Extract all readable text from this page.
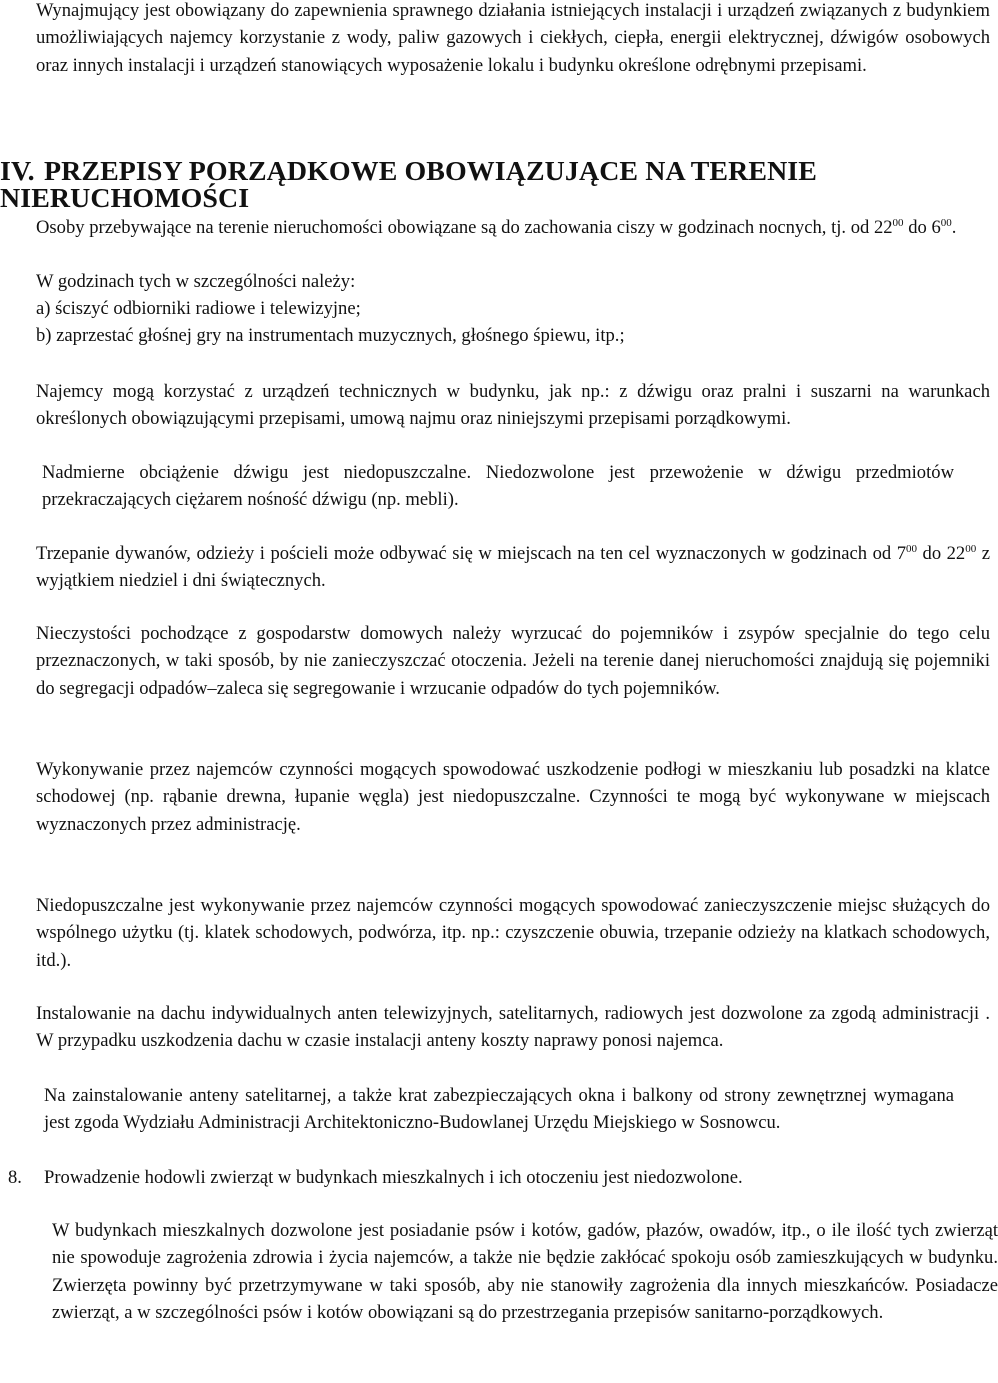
Wynajmujący jest obowiązany do zapewnienia sprawnego działania istniejących instalacji i urządzeń związanych z budynkiem umożliwiających najemcy korzystanie z wody, paliw gazowych i ciekłych, ciepła, energii elektrycznej, dźwigów osobowych oraz innych instalacji i urządzeń stanowiących wyposażenie lokalu i budynku określone odrębnymi przepisami.

IV. PRZEPISY PORZĄDKOWE OBOWIĄZUJĄCE NA TERENIE NIERUCHOMOŚCI

Osoby przebywające na terenie nieruchomości obowiązane są do zachowania ciszy w godzinach nocnych, tj. od $22^{00}$ do $6^{00}$.

W godzinach tych w szczególności należy:

a) ściszyć odbiorniki radiowe i telewizyjne;

b) zaprzestać głośnej gry na instrumentach muzycznych, głośnego śpiewu, itp.;

Najemcy mogą korzystać z urządzeń technicznych w budynku, jak np.: z dźwigu oraz pralni i suszarni na warunkach określonych obowiązującymi przepisami, umową najmu oraz niniejszymi przepisami porządkowymi.

Nadmierne obciążenie dźwigu jest niedopuszczalne. Niedozwolone jest przewożenie w dźwigu przedmiotów przekraczających ciężarem nośność dźwigu (np. mebli).

Trzepanie dywanów, odzieży i pościeli może odbywać się w miejscach na ten cel wyznaczonych w godzinach od $7^{00}$ do $22^{00}$ z wyjątkiem niedziel i dni świątecznych.

Nieczystości pochodzące z gospodarstw domowych należy wyrzucać do pojemników i zsypów specjalnie do tego celu przeznaczonych, w taki sposób, by nie zanieczyszczać otoczenia. Jeżeli na terenie danej nieruchomości znajdują się pojemniki do segregacji odpadów–zaleca się segregowanie i wrzucanie odpadów do tych pojemników.

Wykonywanie przez najemców czynności mogących spowodować uszkodzenie podłogi w mieszkaniu lub posadzki na klatce schodowej (np. rąbanie drewna, łupanie węgla) jest niedopuszczalne. Czynności te mogą być wykonywane w miejscach wyznaczonych przez administrację.

Niedopuszczalne jest wykonywanie przez najemców czynności mogących spowodować zanieczyszczenie miejsc służących do wspólnego użytku (tj. klatek schodowych, podwórza, itp. np.: czyszczenie obuwia, trzepanie odzieży na klatkach schodowych, itd.).

Instalowanie na dachu indywidualnych anten telewizyjnych, satelitarnych, radiowych jest dozwolone za zgodą administracji . W przypadku uszkodzenia dachu w czasie instalacji anteny koszty naprawy ponosi najemca.

Na zainstalowanie anteny satelitarnej, a także krat zabezpieczających okna i balkony od strony zewnętrznej wymagana jest zgoda Wydziału Administracji Architektoniczno-Budowlanej Urzędu Miejskiego w Sosnowcu.

8. Prowadzenie hodowli zwierząt w budynkach mieszkalnych i ich otoczeniu jest niedozwolone.

W budynkach mieszkalnych dozwolone jest posiadanie psów i kotów, gadów, płazów, owadów, itp., o ile ilość tych zwierząt nie spowoduje zagrożenia zdrowia i życia najemców, a także nie będzie zakłócać spokoju osób zamieszkujących w budynku. Zwierzęta powinny być przetrzymywane w taki sposób, aby nie stanowiły zagrożenia dla innych mieszkańców. Posiadacze zwierząt, a w szczególności psów i kotów obowiązani są do przestrzegania przepisów sanitarno-porządkowych.
